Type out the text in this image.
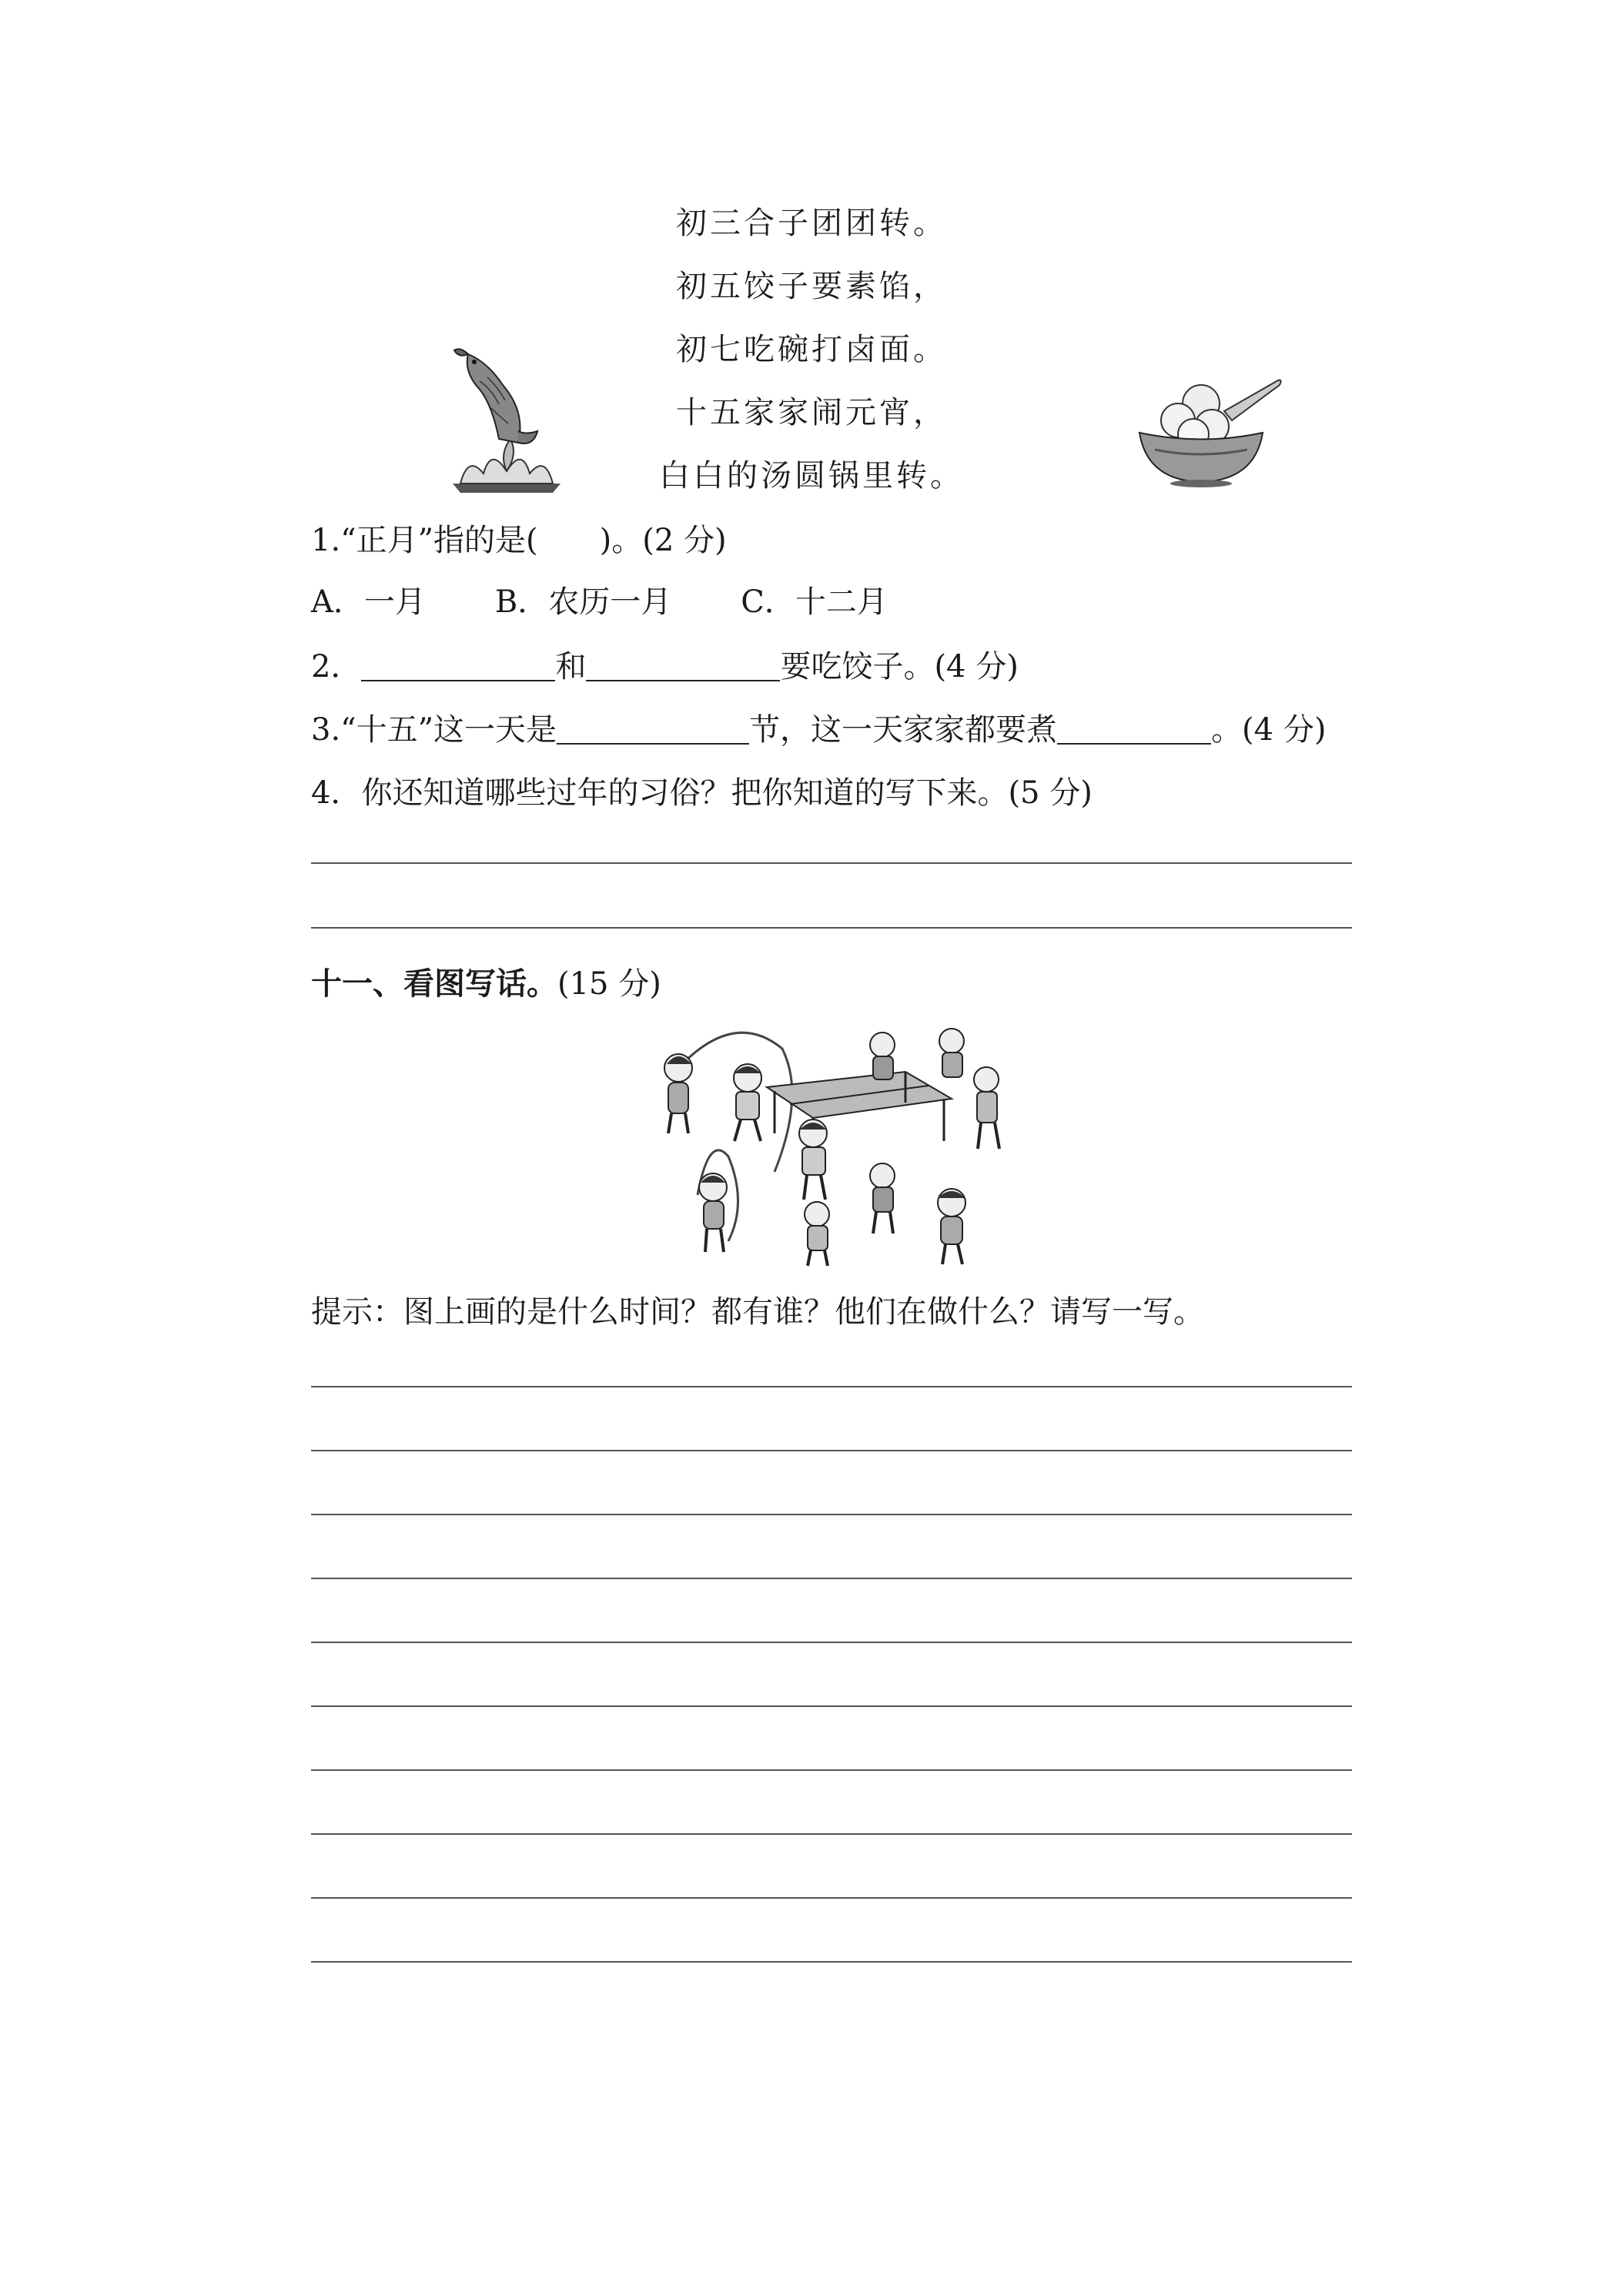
初三合子团团转。
初五饺子要素馅，
初七吃碗打卤面。
十五家家闹元宵，
白白的汤圆锅里转。
1.“正月”指的是(　　)。(2 分)
A．一月 B．农历一月 C．十二月
2．	和	要吃饺子。(4 分)
3.“十五”这一天是	节，这一天家家都要煮	。(4 分)
4．你还知道哪些过年的习俗？把你知道的写下来。(5 分)
十一、看图写话。(15 分)
提示：图上画的是什么时间？都有谁？他们在做什么？请写一写。
